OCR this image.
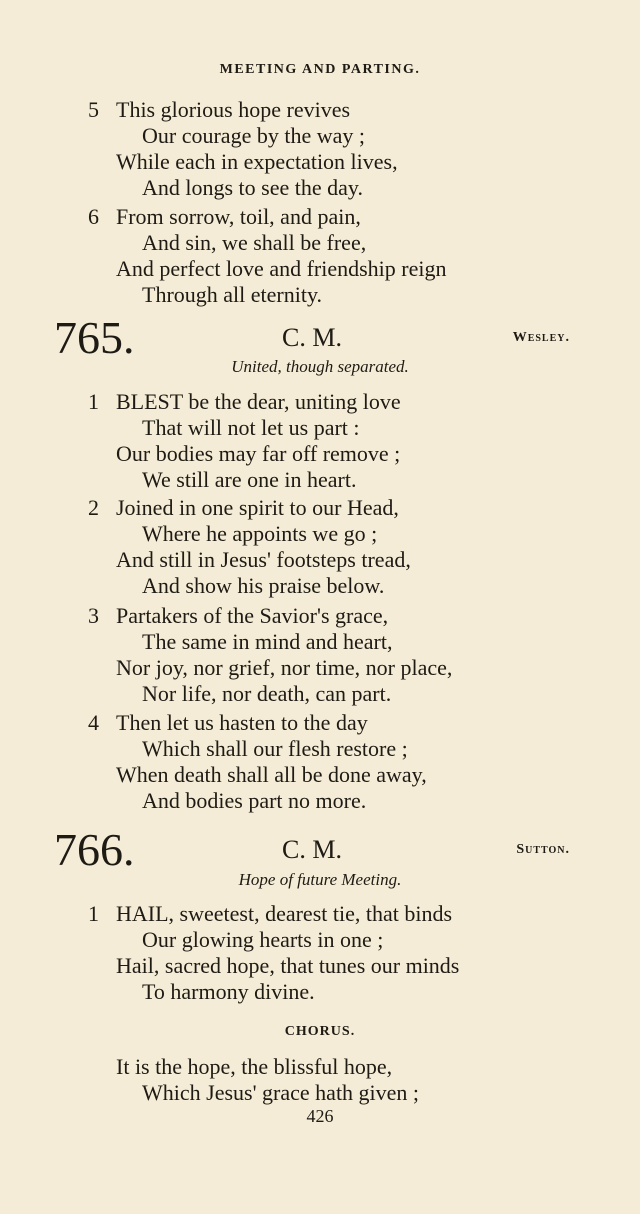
MEETING AND PARTING.
5 This glorious hope revives
Our courage by the way ;
While each in expectation lives,
And longs to see the day.
6 From sorrow, toil, and pain,
And sin, we shall be free,
And perfect love and friendship reign
Through all eternity.
765.	C. M.	Wesley.
United, though separated.
1 BLEST be the dear, uniting love
That will not let us part :
Our bodies may far off remove ;
We still are one in heart.
2 Joined in one spirit to our Head,
Where he appoints we go ;
And still in Jesus' footsteps tread,
And show his praise below.
3 Partakers of the Savior's grace,
The same in mind and heart,
Nor joy, nor grief, nor time, nor place,
Nor life, nor death, can part.
4 Then let us hasten to the day
Which shall our flesh restore ;
When death shall all be done away,
And bodies part no more.
766.	C. M.	Sutton.
Hope of future Meeting.
1 HAIL, sweetest, dearest tie, that binds
Our glowing hearts in one ;
Hail, sacred hope, that tunes our minds
To harmony divine.
CHORUS.
It is the hope, the blissful hope,
Which Jesus' grace hath given ;
426
